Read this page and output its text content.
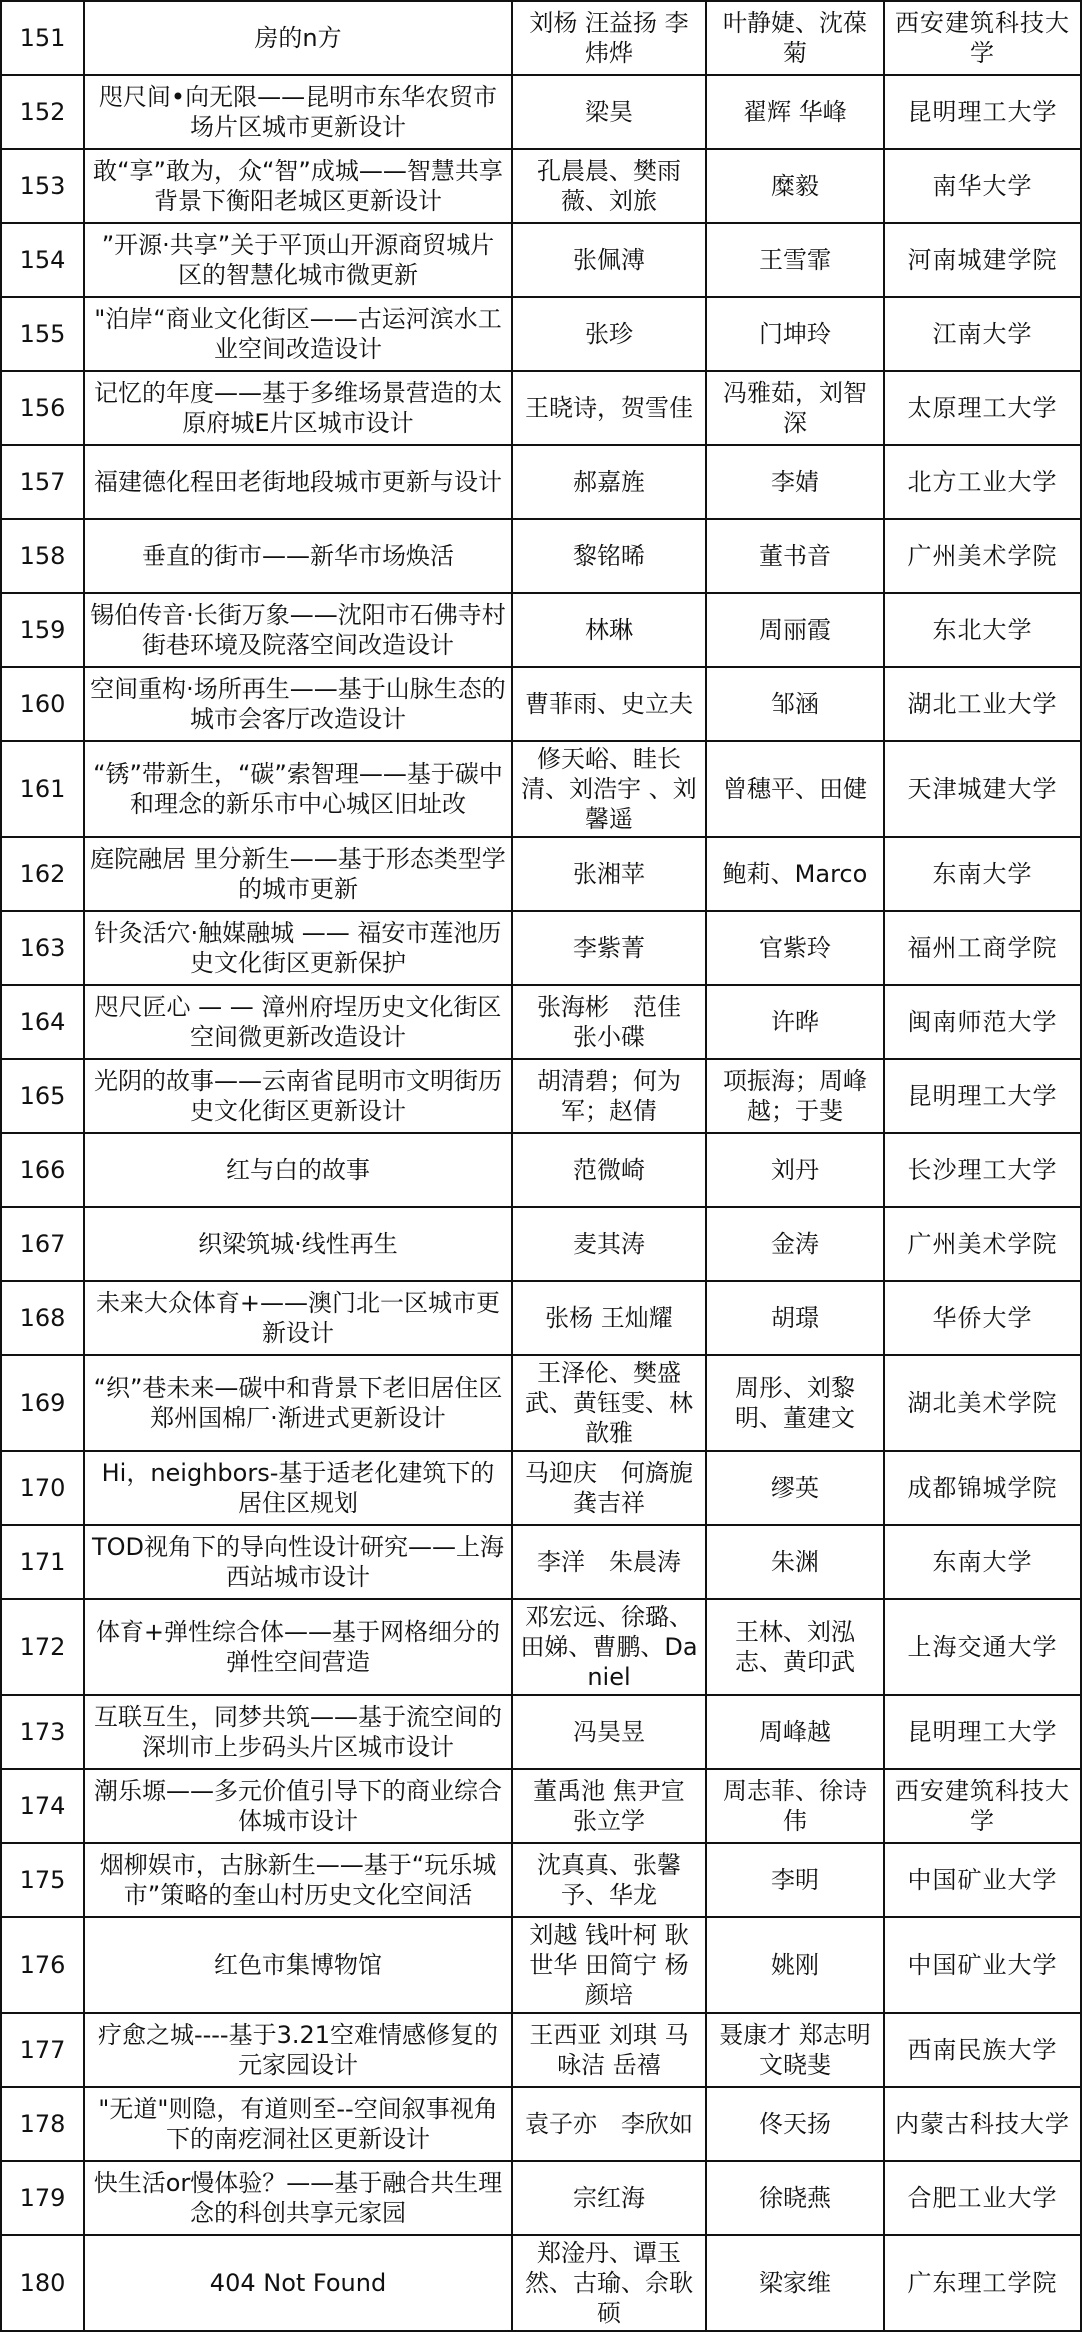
151	房的n方	刘杨 汪益扬 李炜烨	叶静婕、沈葆菊	西安建筑科技大学
152	咫尺间•向无限——昆明市东华农贸市场片区城市更新设计	梁昊	翟辉 华峰	昆明理工大学
153	敢“享”敢为，众“智”成城——智慧共享背景下衡阳老城区更新设计	孔晨晨、樊雨薇、刘旅	糜毅	南华大学
154	”开源·共享”关于平顶山开源商贸城片区的智慧化城市微更新	张佩溥	王雪霏	河南城建学院
155	"泊岸“商业文化街区——古运河滨水工业空间改造设计	张珍	门坤玲	江南大学
156	记忆的年度——基于多维场景营造的太原府城E片区城市设计	王晓诗，贺雪佳	冯雅茹，刘智深	太原理工大学
157	福建德化程田老街地段城市更新与设计	郝嘉旌	李婧	北方工业大学
158	垂直的街市——新华市场焕活	黎铭晞	董书音	广州美术学院
159	锡伯传音·长街万象——沈阳市石佛寺村街巷环境及院落空间改造设计	林琳	周丽霞	东北大学
160	空间重构·场所再生——基于山脉生态的城市会客厅改造设计	曹菲雨、史立夫	邹涵	湖北工业大学
161	“锈”带新生，“碳”索智理——基于碳中和理念的新乐市中心城区旧址改	修天峪、眭长清、刘浩宇 、刘馨遥	曾穗平、田健	天津城建大学
162	庭院融居 里分新生——基于形态类型学的城市更新	张湘苹	鲍莉、Marco	东南大学
163	针灸活穴·触媒融城 —— 福安市莲池历史文化街区更新保护	李紫菁	官紫玲	福州工商学院
164	咫尺匠心 — — 漳州府埕历史文化街区空间微更新改造设计	张海彬　范佳　张小碟	许晔	闽南师范大学
165	光阴的故事——云南省昆明市文明街历史文化街区更新设计	胡清碧；何为军；赵倩	项振海；周峰越；于斐	昆明理工大学
166	红与白的故事	范微崎	刘丹	长沙理工大学
167	织梁筑城·线性再生	麦其涛	金涛	广州美术学院
168	未来大众体育+——澳门北一区城市更新设计	张杨 王灿耀	胡璟	华侨大学
169	“织”巷未来—碳中和背景下老旧居住区 郑州国棉厂·渐进式更新设计	王泽伦、樊盛武、黄钰雯、林歆雅	周彤、刘黎明、董建文	湖北美术学院
170	Hi，neighbors-基于适老化建筑下的居住区规划	马迎庆　何旖旎　龚吉祥	缪英	成都锦城学院
171	TOD视角下的导向性设计研究——上海西站城市设计	李洋　朱晨涛	朱渊	东南大学
172	体育+弹性综合体——基于网格细分的弹性空间营造	邓宏远、徐璐、田娣、曹鹏、Daniel	王林、刘泓志、黄印武	上海交通大学
173	互联互生，同梦共筑——基于流空间的深圳市上步码头片区城市设计	冯昊昱	周峰越	昆明理工大学
174	潮乐塬——多元价值引导下的商业综合体城市设计	董禹池 焦尹宣 张立学	周志菲、徐诗伟	西安建筑科技大学
175	烟柳娱市，古脉新生——基于“玩乐城市”策略的奎山村历史文化空间活	沈真真、张馨予、华龙	李明	中国矿业大学
176	红色市集博物馆	刘越 钱叶柯 耿世华 田简宁 杨颜培	姚刚	中国矿业大学
177	疗愈之城----基于3.21空难情感修复的元家园设计	王西亚 刘琪 马咏洁 岳禧	聂康才 郑志明 文晓斐	西南民族大学
178	"无道"则隐，有道则至--空间叙事视角下的南疙洞社区更新设计	袁子亦　李欣如	佟天扬	内蒙古科技大学
179	快生活or慢体验？——基于融合共生理念的科创共享元家园	宗红海	徐晓燕	合肥工业大学
180	404 Not Found	郑淦丹、谭玉然、古瑜、佘耿硕	梁家维	广东理工学院
